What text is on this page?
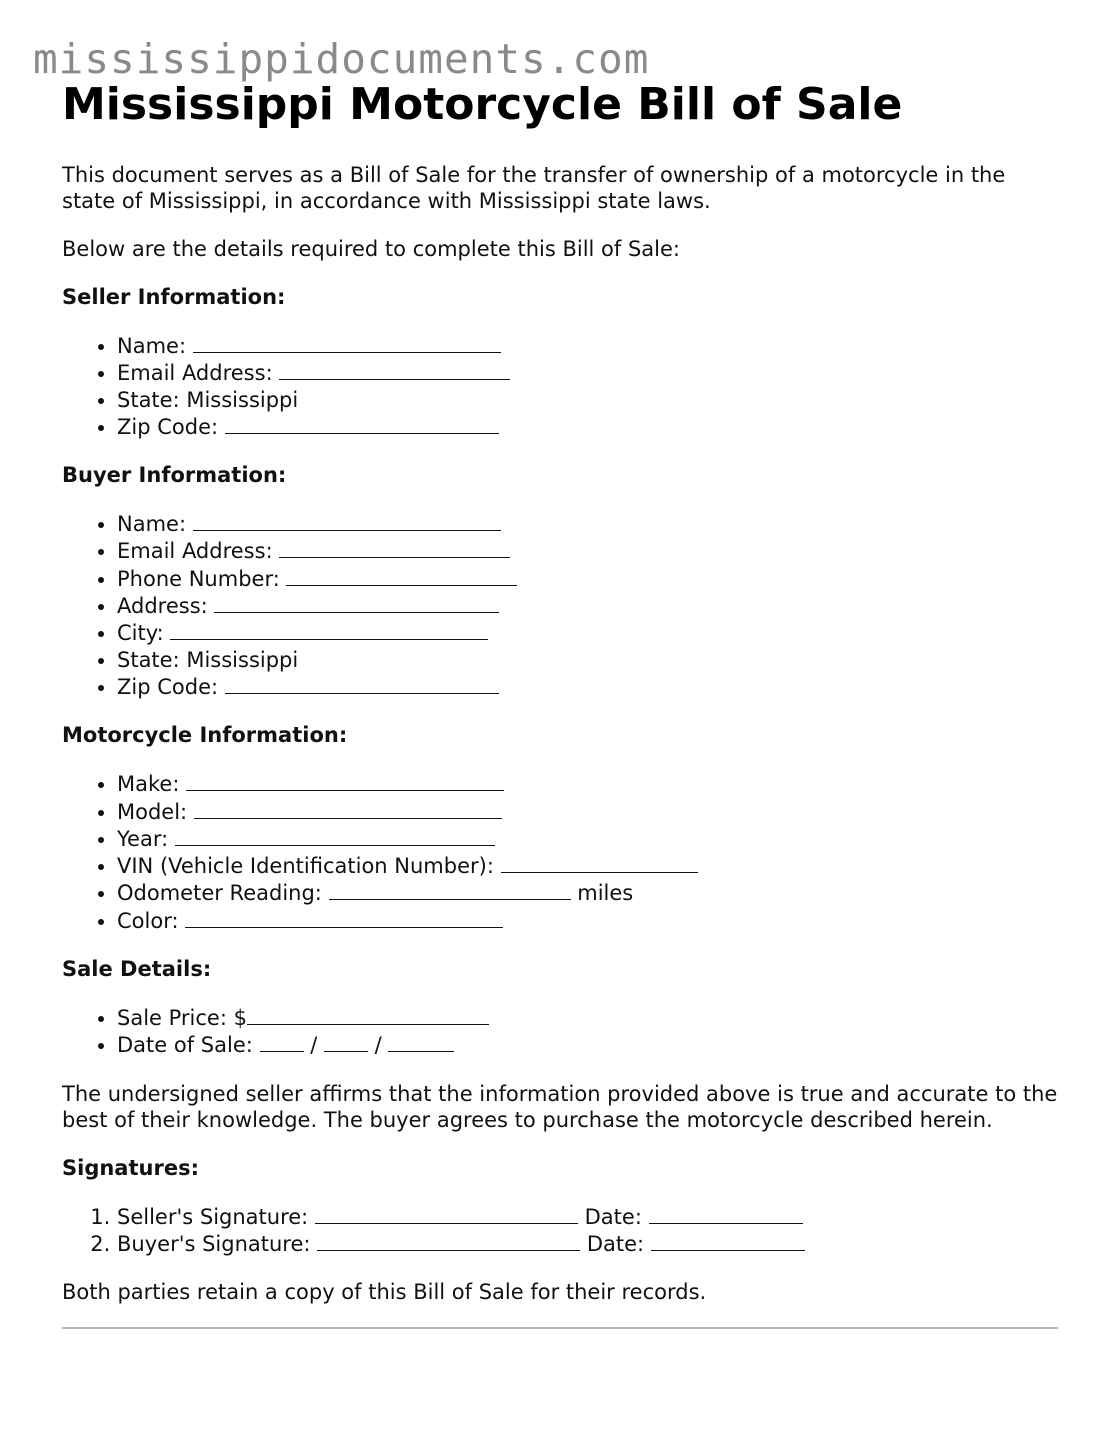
mississippidocuments.com
Mississippi Motorcycle Bill of Sale

This document serves as a Bill of Sale for the transfer of ownership of a motorcycle in the state of Mississippi, in accordance with Mississippi state laws.

Below are the details required to complete this Bill of Sale:

Seller Information:
• Name:
• Email Address:
• State: Mississippi
• Zip Code:
Buyer Information:
• Name:
• Email Address:
• Phone Number:
• Address:
• City:
• State: Mississippi
• Zip Code:
Motorcycle Information:
• Make:
• Model:
• Year:
• VIN (Vehicle Identification Number):
• Odometer Reading:	miles
• Color:
Sale Details:
• Sale Price: $
• Date of Sale:	/	/

The undersigned seller affirms that the information provided above is true and accurate to the best of their knowledge. The buyer agrees to purchase the motorcycle described herein.

Signatures:
1. Seller's Signature:	Date:
2. Buyer's Signature:	Date:

Both parties retain a copy of this Bill of Sale for their records.
